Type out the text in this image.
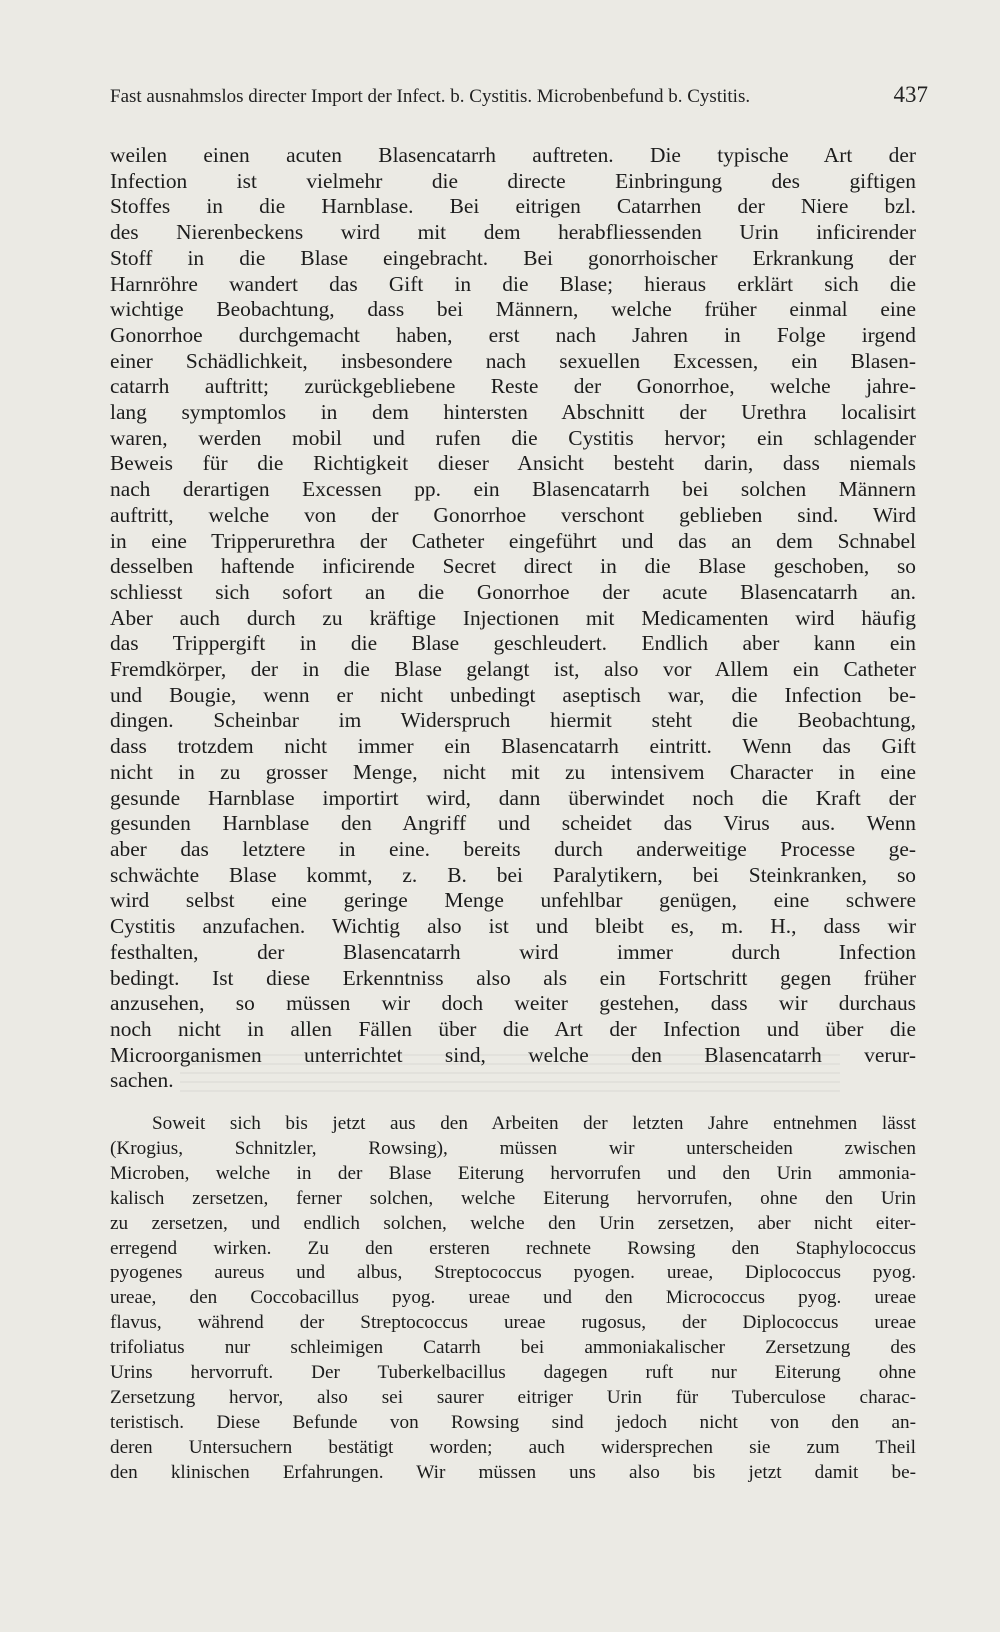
Fast ausnahmslos directer Import der Infect. b. Cystitis. Microbenbefund b. Cystitis.	437
weilen einen acuten Blasencatarrh auftreten. Die typische Art der
Infection ist vielmehr die directe Einbringung des giftigen
Stoffes in die Harnblase. Bei eitrigen Catarrhen der Niere bzl.
des Nierenbeckens wird mit dem herabfliessenden Urin inficirender
Stoff in die Blase eingebracht. Bei gonorrhoischer Erkrankung der
Harnröhre wandert das Gift in die Blase; hieraus erklärt sich die
wichtige Beobachtung, dass bei Männern, welche früher einmal eine
Gonorrhoe durchgemacht haben, erst nach Jahren in Folge irgend
einer Schädlichkeit, insbesondere nach sexuellen Excessen, ein Blasen-
catarrh auftritt; zurückgebliebene Reste der Gonorrhoe, welche jahre-
lang symptomlos in dem hintersten Abschnitt der Urethra localisirt
waren, werden mobil und rufen die Cystitis hervor; ein schlagender
Beweis für die Richtigkeit dieser Ansicht besteht darin, dass niemals
nach derartigen Excessen pp. ein Blasencatarrh bei solchen Männern
auftritt, welche von der Gonorrhoe verschont geblieben sind. Wird
in eine Tripperurethra der Catheter eingeführt und das an dem Schnabel
desselben haftende inficirende Secret direct in die Blase geschoben, so
schliesst sich sofort an die Gonorrhoe der acute Blasencatarrh an.
Aber auch durch zu kräftige Injectionen mit Medicamenten wird häufig
das Trippergift in die Blase geschleudert. Endlich aber kann ein
Fremdkörper, der in die Blase gelangt ist, also vor Allem ein Catheter
und Bougie, wenn er nicht unbedingt aseptisch war, die Infection be-
dingen. Scheinbar im Widerspruch hiermit steht die Beobachtung,
dass trotzdem nicht immer ein Blasencatarrh eintritt. Wenn das Gift
nicht in zu grosser Menge, nicht mit zu intensivem Character in eine
gesunde Harnblase importirt wird, dann überwindet noch die Kraft der
gesunden Harnblase den Angriff und scheidet das Virus aus. Wenn
aber das letztere in eine. bereits durch anderweitige Processe ge-
schwächte Blase kommt, z. B. bei Paralytikern, bei Steinkranken, so
wird selbst eine geringe Menge unfehlbar genügen, eine schwere
Cystitis anzufachen. Wichtig also ist und bleibt es, m. H., dass wir
festhalten, der Blasencatarrh wird immer durch Infection
bedingt. Ist diese Erkenntniss also als ein Fortschritt gegen früher
anzusehen, so müssen wir doch weiter gestehen, dass wir durchaus
noch nicht in allen Fällen über die Art der Infection und über die
Microorganismen unterrichtet sind, welche den Blasencatarrh verur-
sachen.
Soweit sich bis jetzt aus den Arbeiten der letzten Jahre entnehmen lässt
(Krogius, Schnitzler, Rowsing), müssen wir unterscheiden zwischen
Microben, welche in der Blase Eiterung hervorrufen und den Urin ammonia-
kalisch zersetzen, ferner solchen, welche Eiterung hervorrufen, ohne den Urin
zu zersetzen, und endlich solchen, welche den Urin zersetzen, aber nicht eiter-
erregend wirken. Zu den ersteren rechnete Rowsing den Staphylococcus
pyogenes aureus und albus, Streptococcus pyogen. ureae, Diplococcus pyog.
ureae, den Coccobacillus pyog. ureae und den Micrococcus pyog. ureae
flavus, während der Streptococcus ureae rugosus, der Diplococcus ureae
trifoliatus nur schleimigen Catarrh bei ammoniakalischer Zersetzung des
Urins hervorruft. Der Tuberkelbacillus dagegen ruft nur Eiterung ohne
Zersetzung hervor, also sei saurer eitriger Urin für Tuberculose charac-
teristisch. Diese Befunde von Rowsing sind jedoch nicht von den an-
deren Untersuchern bestätigt worden; auch widersprechen sie zum Theil
den klinischen Erfahrungen. Wir müssen uns also bis jetzt damit be-
